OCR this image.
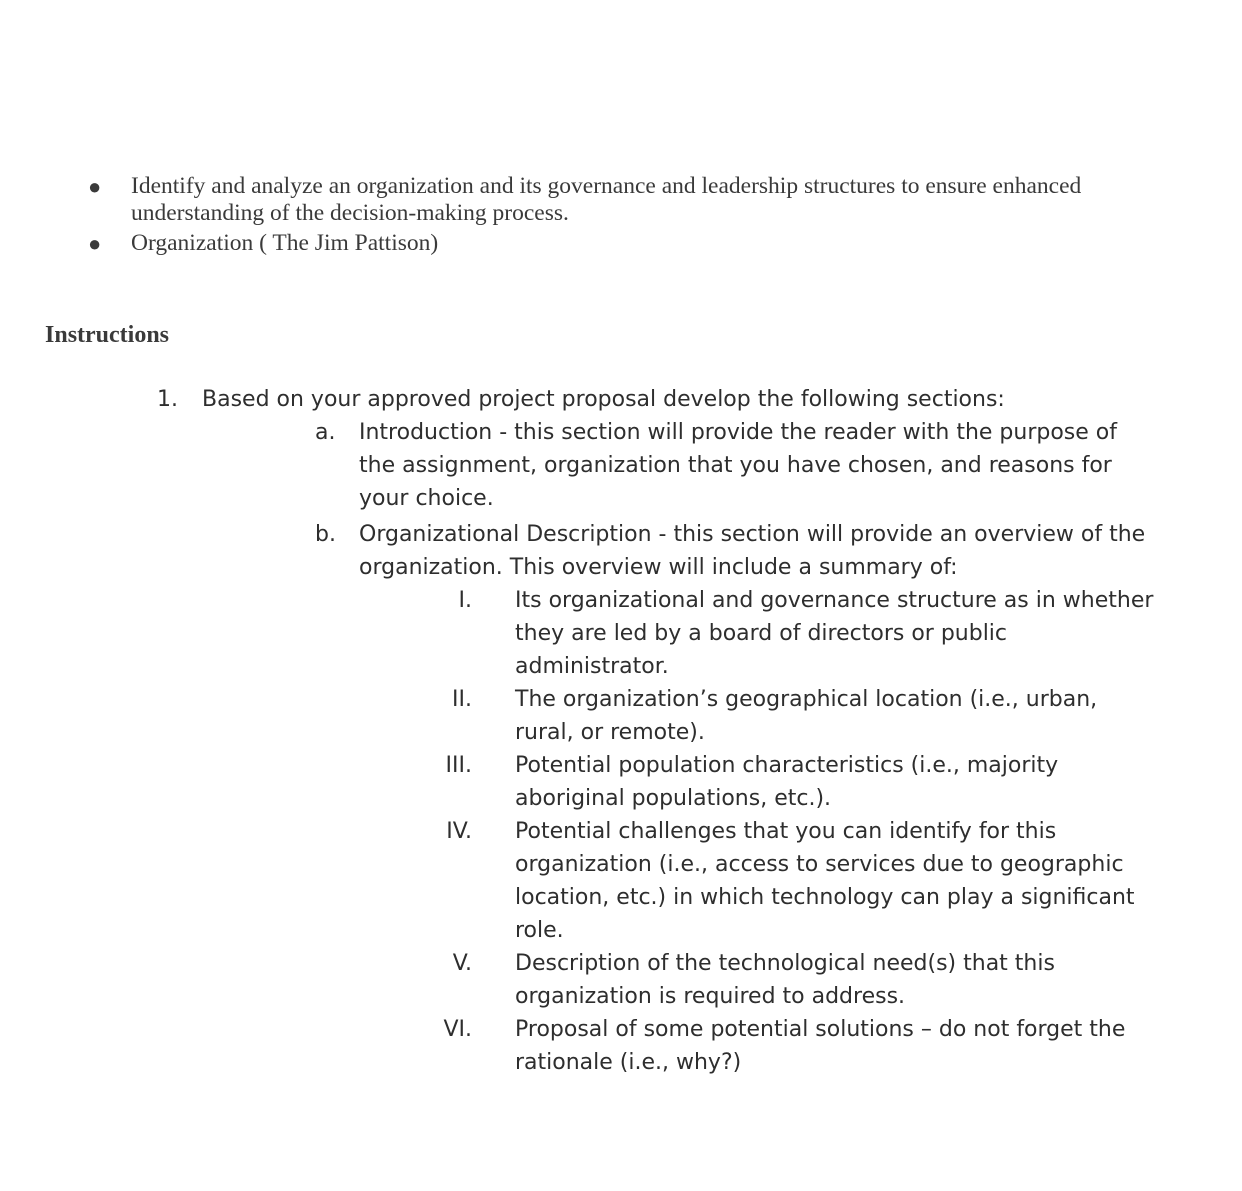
● Identify and analyze an organization and its governance and leadership structures to ensure enhanced understanding of the decision-making process.
● Organization ( The Jim Pattison)
Instructions
1. Based on your approved project proposal develop the following sections:
a.	Introduction - this section will provide the reader with the purpose of the assignment, organization that you have chosen, and reasons for your choice.
b.	Organizational Description - this section will provide an overview of the organization. This overview will include a summary of:
I. Its organizational and governance structure as in whether they are led by a board of directors or public administrator.
II. The organization’s geographical location (i.e., urban, rural, or remote).
III. Potential population characteristics (i.e., majority aboriginal populations, etc.).
IV. Potential challenges that you can identify for this organization (i.e., access to services due to geographic location, etc.) in which technology can play a significant role.
V. Description of the technological need(s) that this organization is required to address.
VI. Proposal of some potential solutions – do not forget the rationale (i.e., why?)
